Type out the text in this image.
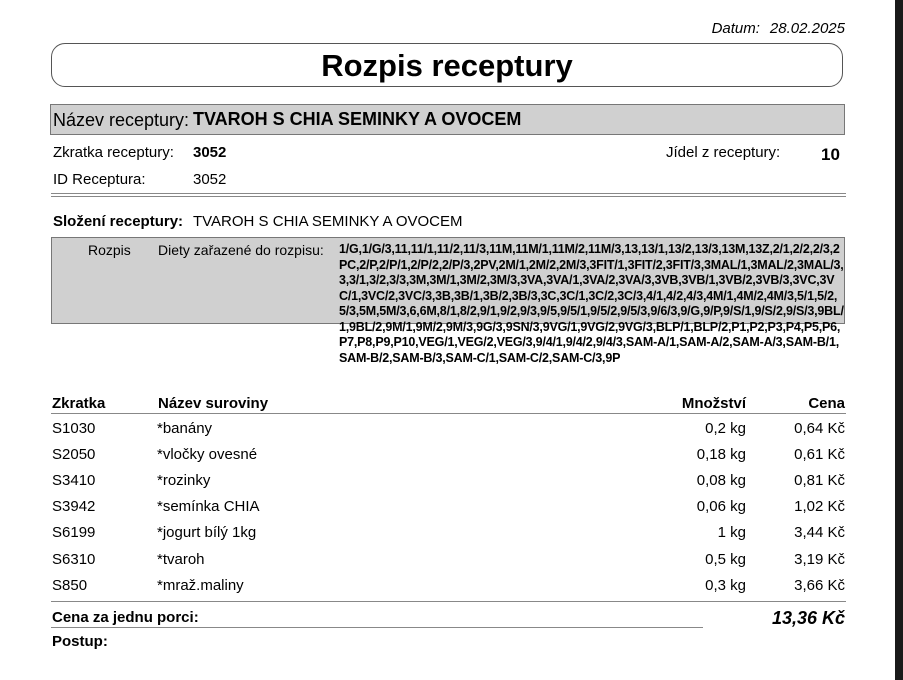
Datum: 28.02.2025
Rozpis receptury
Název receptury: TVAROH S CHIA SEMINKY A OVOCEM
Zkratka receptury: 3052	Jídel z receptury: 10
ID Receptura:	3052
Složení receptury: TVAROH S CHIA SEMINKY A OVOCEM
Rozpis Diety zařazené do rozpisu: 1/G,1/G/3,11,11/1,11/2,11/3,11M,11M/1,11M/2,11M/3,13,13/1,13/2,13/3,13M,13Z,2/1,2/2,2/3,2PC,2/P,2/P/1,2/P/2,2/P/3,2PV,2M/1,2M/2,2M/3,3FIT/1,3FIT/2,3FIT/3,3MAL/1,3MAL/2,3MAL/3,3,3/1,3/2,3/3,3M,3M/1,3M/2,3M/3,3VA,3VA/1,3VA/2,3VA/3,3VB,3VB/1,3VB/2,3VB/3,3VC,3VC/1,3VC/2,3VC/3,3B,3B/1,3B/2,3B/3,3C,3C/1,3C/2,3C/3,4/1,4/2,4/3,4M/1,4M/2,4M/3,5/1,5/2,5/3,5M,5M/3,6,6M,8/1,8/2,9/1,9/2,9/3,9/5,9/5/1,9/5/2,9/5/3,9/6/3,9/G,9/P,9/S/1,9/S/2,9/S/3,9BL/1,9BL/2,9M/1,9M/2,9M/3,9G/3,9SN/3,9VG/1,9VG/2,9VG/3,BLP/1,BLP/2,P1,P2,P3,P4,P5,P6,P7,P8,P9,P10,VEG/1,VEG/2,VEG/3,9/4/1,9/4/2,9/4/3,SAM-A/1,SAM-A/2,SAM-A/3,SAM-B/1,SAM-B/2,SAM-B/3,SAM-C/1,SAM-C/2,SAM-C/3,9P
Zkratka	Název suroviny	Množství	Cena
S1030	*banány	0,2 kg	0,64 Kč
S2050	*vločky ovesné	0,18 kg	0,61 Kč
S3410	*rozinky	0,08 kg	0,81 Kč
S3942	*semínka CHIA	0,06 kg	1,02 Kč
S6199	*jogurt bílý 1kg	1 kg	3,44 Kč
S6310	*tvaroh	0,5 kg	3,19 Kč
S850	*mraž.maliny	0,3 kg	3,66 Kč
Cena za jednu porci:	13,36 Kč
Postup:
